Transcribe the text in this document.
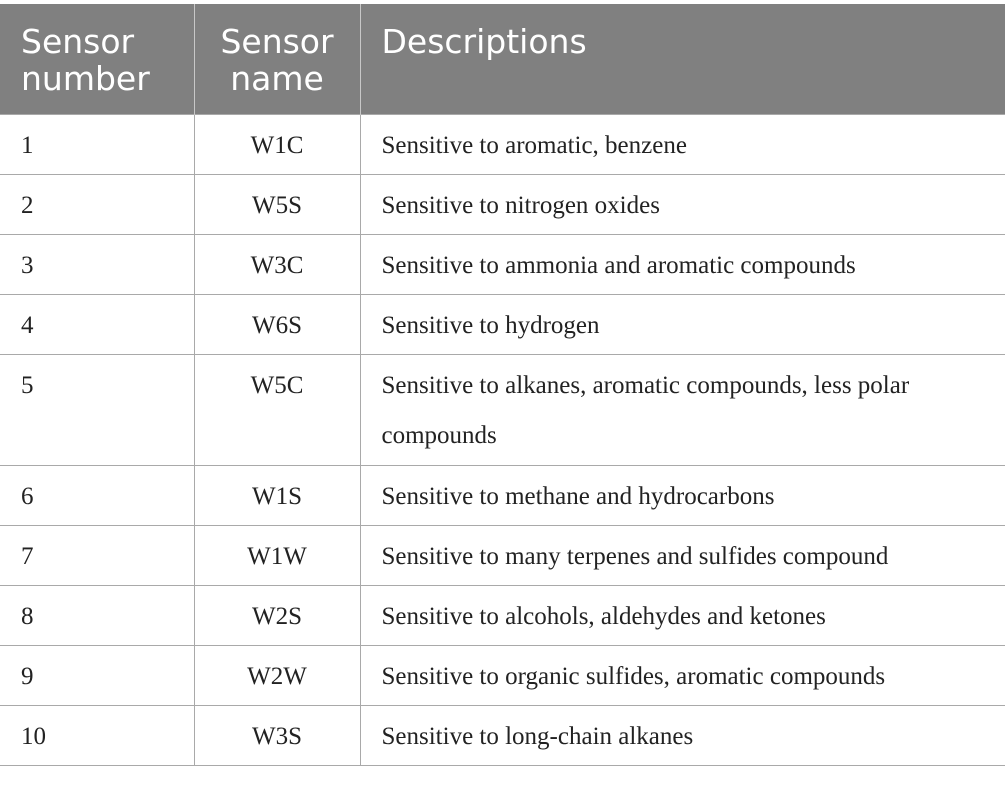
Sensor number	Sensor name	Descriptions

1	W1C	Sensitive to aromatic, benzene

2	W5S	Sensitive to nitrogen oxides

3	W3C	Sensitive to ammonia and aromatic compounds

4	W6S	Sensitive to hydrogen

5	W5C	Sensitive to alkanes, aromatic compounds, less polar compounds

6	W1S	Sensitive to methane and hydrocarbons

7	W1W	Sensitive to many terpenes and sulfides compound

8	W2S	Sensitive to alcohols, aldehydes and ketones

9	W2W	Sensitive to organic sulfides, aromatic compounds

10	W3S	Sensitive to long-chain alkanes
